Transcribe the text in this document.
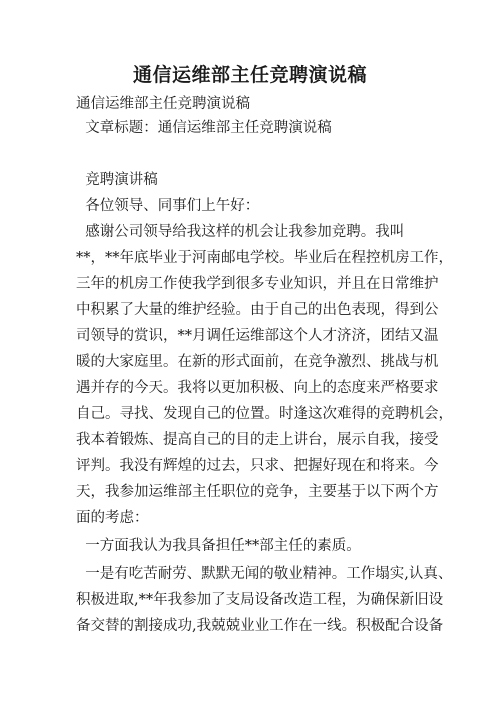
通信运维部主任竞聘演说稿
通信运维部主任竞聘演说稿
文章标题：通信运维部主任竞聘演说稿
竞聘演讲稿
各位领导、同事们上午好：
感谢公司领导给我这样的机会让我参加竞聘。我叫
**，**年底毕业于河南邮电学校。毕业后在程控机房工作，
三年的机房工作使我学到很多专业知识，并且在日常维护
中积累了大量的维护经验。由于自己的出色表现，得到公
司领导的赏识，**月调任运维部这个人才济济，团结又温
暖的大家庭里。在新的形式面前，在竞争激烈、挑战与机
遇并存的今天。我将以更加积极、向上的态度来严格要求
自己。寻找、发现自己的位置。时逢这次难得的竞聘机会，
我本着锻炼、提高自己的目的走上讲台，展示自我，接受
评判。我没有辉煌的过去，只求、把握好现在和将来。今
天，我参加运维部主任职位的竞争，主要基于以下两个方
面的考虑：
一方面我认为我具备担任**部主任的素质。
一是有吃苦耐劳、默默无闻的敬业精神。工作塌实,认真、
积极进取,**年我参加了支局设备改造工程，为确保新旧设
备交替的割接成功,我兢兢业业工作在一线。积极配合设备
